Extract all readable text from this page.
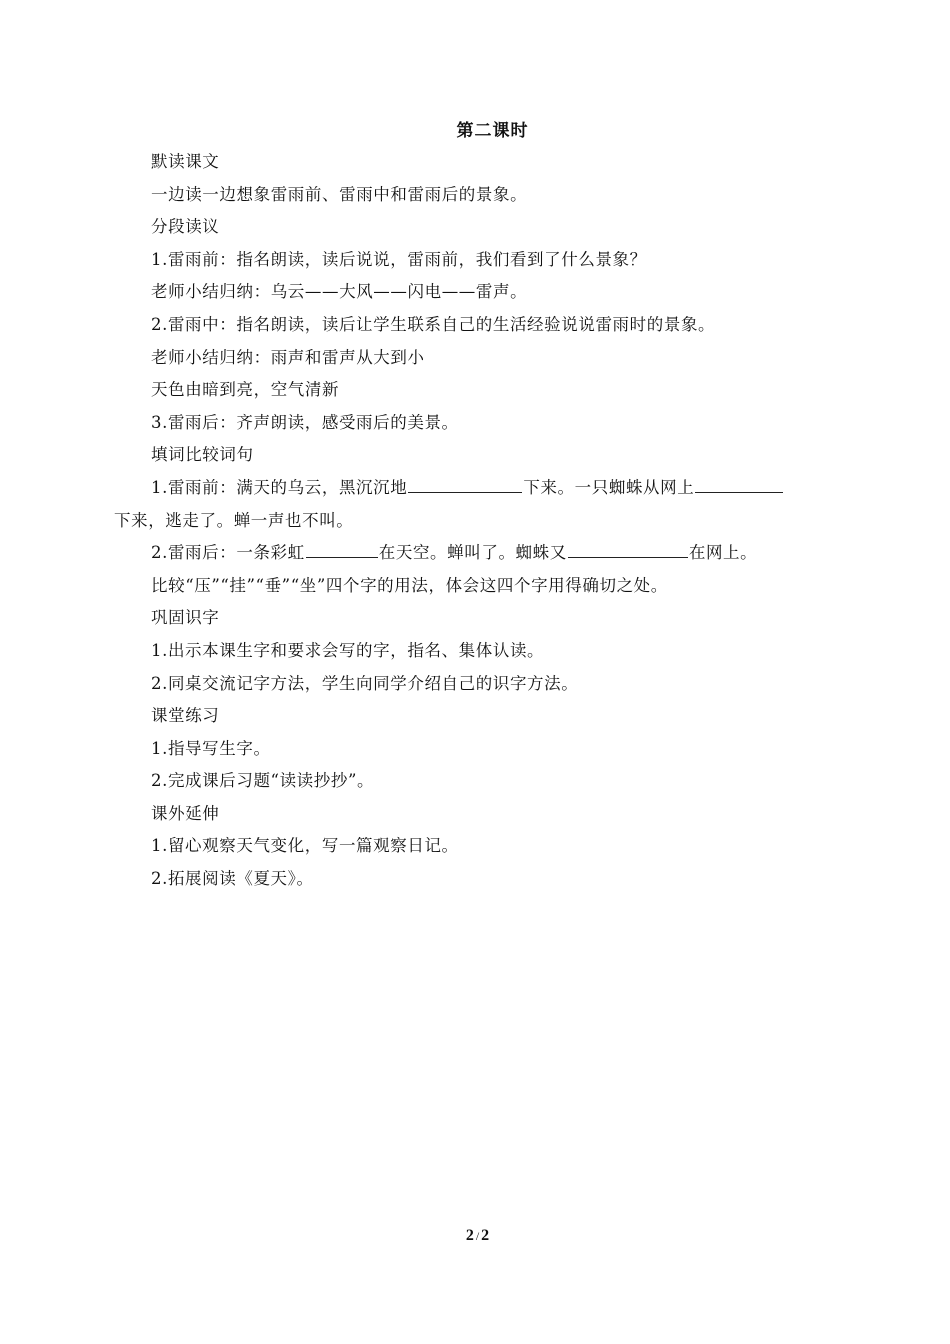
第二课时
默读课文
一边读一边想象雷雨前、雷雨中和雷雨后的景象。
分段读议
1.雷雨前：指名朗读，读后说说，雷雨前，我们看到了什么景象？
老师小结归纳：乌云——大风——闪电——雷声。
2.雷雨中：指名朗读，读后让学生联系自己的生活经验说说雷雨时的景象。
老师小结归纳：雨声和雷声从大到小
天色由暗到亮，空气清新
3.雷雨后：齐声朗读，感受雨后的美景。
填词比较词句
1.雷雨前：满天的乌云，黑沉沉地	下来。一只蜘蛛从网上
下来，逃走了。蝉一声也不叫。
2.雷雨后：一条彩虹	在天空。蝉叫了。蜘蛛又	在网上。
比较“压”“挂”“垂”“坐”四个字的用法，体会这四个字用得确切之处。
巩固识字
1.出示本课生字和要求会写的字，指名、集体认读。
2.同桌交流记字方法，学生向同学介绍自己的识字方法。
课堂练习
1.指导写生字。
2.完成课后习题“读读抄抄”。
课外延伸
1.留心观察天气变化，写一篇观察日记。
2.拓展阅读《夏天》。
2 / 2
